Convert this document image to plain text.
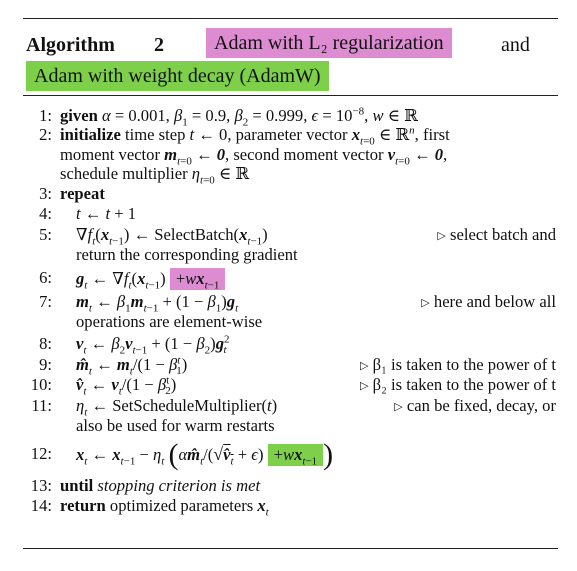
Algorithm 2	Adam with L₂ regularization	and
Adam with weight decay (AdamW)
1: given α = 0.001, $\beta_1 = 0.9$, $\beta_2 = 0.999$, $\epsilon = 10^{-8}$, w ∈ ℝ
2: initialize time step t ← 0, parameter vector $x_{t=0}$ ∈ ℝ$^n$, first
moment vector $m_{t=0}$ ← 0, second moment vector $v_{t=0}$ ← 0,
schedule multiplier $\eta_{t=0}$ ∈ ℝ
3: repeat
4: t ← t + 1
5: $\nabla f_t(x_{t-1})$ ← $SelectBatch(x_{t-1})$	▷ select batch and
return the corresponding gradient
6: $g_t$ ← $\nabla f_t(x_{t-1}) +wx_{t-1}$
7: $m_t$ ← $\beta_1m_{t-1} + (1 - \beta_1)g_t$	▷ here and below all
operations are element-wise
8: $v_t$ ← $\beta_2v_{t-1} + (1 - \beta_2)g^2_t$
9: $m̂_t$ ← $m_t/(1 - \beta^t_1)$	▷ β₁ is taken to the power of t
10: $v̂_t$ ← $v_t/(1 - \beta^t_2)$	▷ β₂ is taken to the power of t
11: $\eta_t$ ← SetScheduleMultiplier(t)	▷ can be fixed, decay, or
also be used for warm restarts
12: $x_t$ ← $x_{t-1} - \eta_t$ ($\alpha m̂_t/(√v̂_t + \epsilon) +wx_{t-1}$ )
13: until stopping criterion is met
14: return optimized parameters $x_t$
